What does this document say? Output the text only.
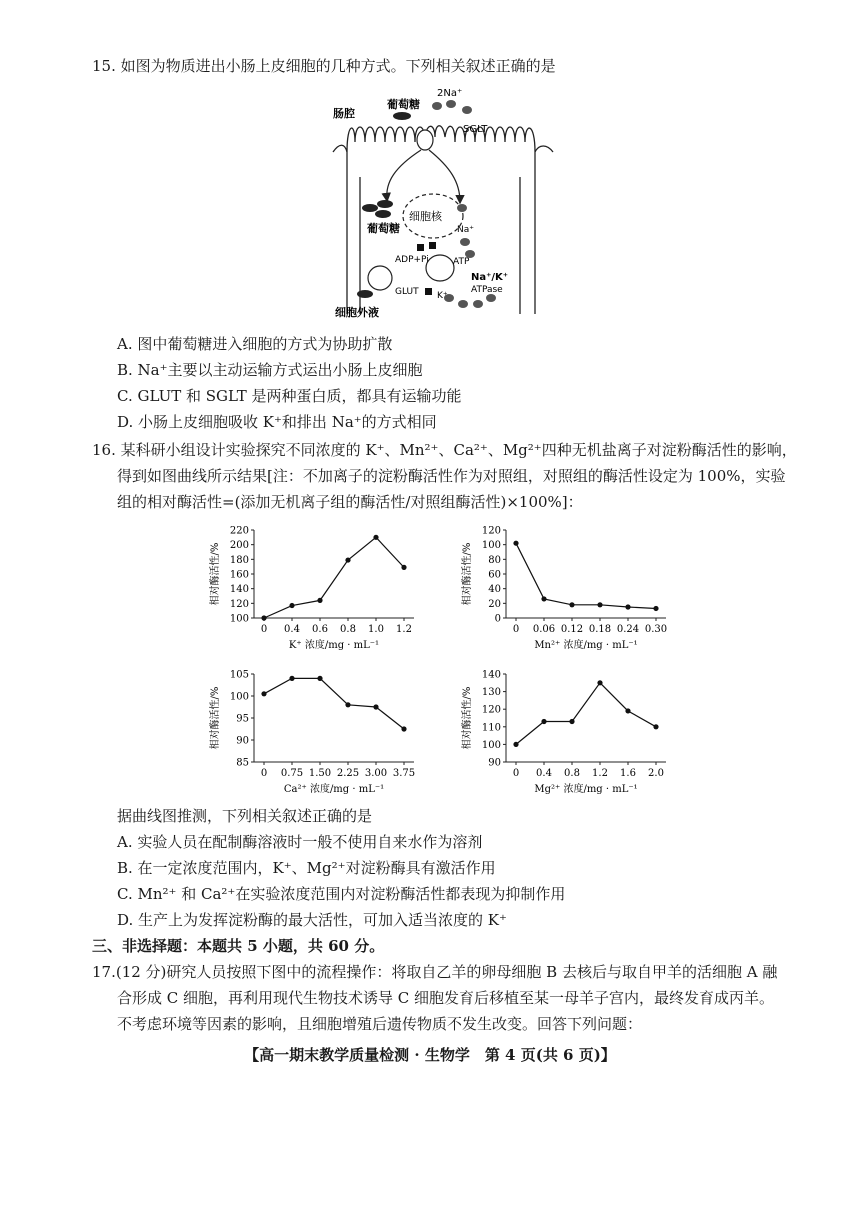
15. 如图为物质进出小肠上皮细胞的几种方式。下列相关叙述正确的是
肠腔
葡萄糖
2Na⁺
SGLT
细胞核
葡萄糖	Na⁺
ADP+Pi	ATP
Na⁺/K⁺
ATPase
GLUT K⁺
细胞外液
A. 图中葡萄糖进入细胞的方式为协助扩散
B. Na⁺主要以主动运输方式运出小肠上皮细胞
C. GLUT 和 SGLT 是两种蛋白质，都具有运输功能
D. 小肠上皮细胞吸收 K⁺和排出 Na⁺的方式相同
16. 某科研小组设计实验探究不同浓度的 K⁺、Mn²⁺、Ca²⁺、Mg²⁺四种无机盐离子对淀粉酶活性的影响，
得到如图曲线所示结果[注：不加离子的淀粉酶活性作为对照组，对照组的酶活性设定为 100%，实验
组的相对酶活性=(添加无机离子组的酶活性/对照组酶活性)×100%]：
100
120
140
160
180
200
220
0 0.4 0.6 0.8 1.0 1.2
K⁺ 浓度/mg · mL⁻¹
相对酶活性/%
0
20
40
60
80
100
120
0 0.06 0.12 0.18 0.24 0.30
Mn²⁺ 浓度/mg · mL⁻¹
相对酶活性/%
85
90
95
100
105
0 0.75 1.50 2.25 3.00 3.75
Ca²⁺ 浓度/mg · mL⁻¹
相对酶活性/%
90
100
110
120
130
140
0 0.4 0.8 1.2 1.6 2.0
Mg²⁺ 浓度/mg · mL⁻¹
相对酶活性/%
据曲线图推测，下列相关叙述正确的是
A. 实验人员在配制酶溶液时一般不使用自来水作为溶剂
B. 在一定浓度范围内，K⁺、Mg²⁺对淀粉酶具有激活作用
C. Mn²⁺ 和 Ca²⁺在实验浓度范围内对淀粉酶活性都表现为抑制作用
D. 生产上为发挥淀粉酶的最大活性，可加入适当浓度的 K⁺
三、非选择题：本题共 5 小题，共 60 分。
17.(12 分)研究人员按照下图中的流程操作：将取自乙羊的卵母细胞 B 去核后与取自甲羊的活细胞 A 融
合形成 C 细胞，再利用现代生物技术诱导 C 细胞发育后移植至某一母羊子宫内，最终发育成丙羊。
不考虑环境等因素的影响，且细胞增殖后遗传物质不发生改变。回答下列问题：
【高一期末教学质量检测 · 生物学　第 4 页(共 6 页)】
